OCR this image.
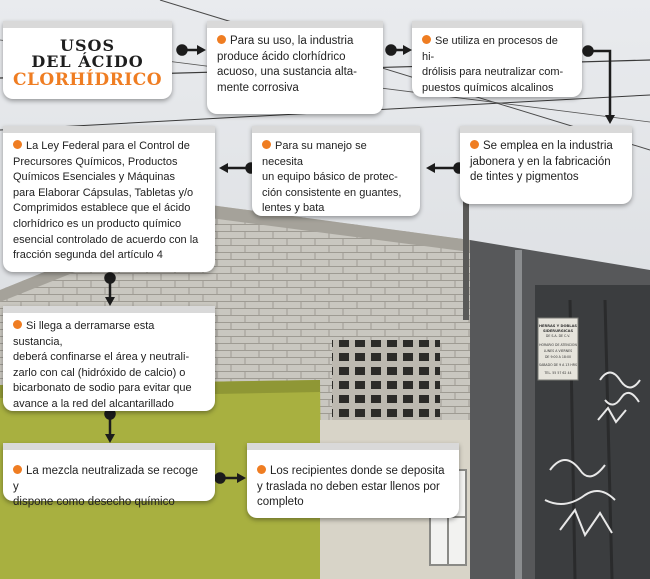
HERRAS Y DOBLAS
SIDERURGICAS
DE S.A. DE C.V.
HORARIO DE ATENCION
LUNES A VIERNES
DE 9:00 A 18:00
SABADO DE 9 A 13 HRS
TEL. 55 57 62 44
USOS
DEL ÁCIDO
CLORHÍDRICO
Para su uso, la industria
produce ácido clorhídrico
acuoso, una sustancia alta-
mente corrosiva
Se utiliza en procesos de hi-
drólisis para neutralizar com-
puestos químicos alcalinos
Se emplea en la industria
jabonera y en la fabricación
de tintes y pigmentos
Para su manejo se necesita
un equipo básico de protec-
ción consistente en guantes,
lentes y bata
La Ley Federal para el Control de
Precursores Químicos, Productos
Químicos Esenciales y Máquinas
para Elaborar Cápsulas, Tabletas y/o
Comprimidos establece que el ácido
clorhídrico es un producto químico
esencial controlado de acuerdo con la
fracción segunda del artículo 4
Si llega a derramarse esta sustancia,
deberá confinarse el área y neutrali-
zarlo con cal (hidróxido de calcio) o
bicarbonato de sodio para evitar que
avance a la red del alcantarillado
La mezcla neutralizada se recoge y
dispone como desecho químico
Los recipientes donde se deposita
y traslada no deben estar llenos por
completo
